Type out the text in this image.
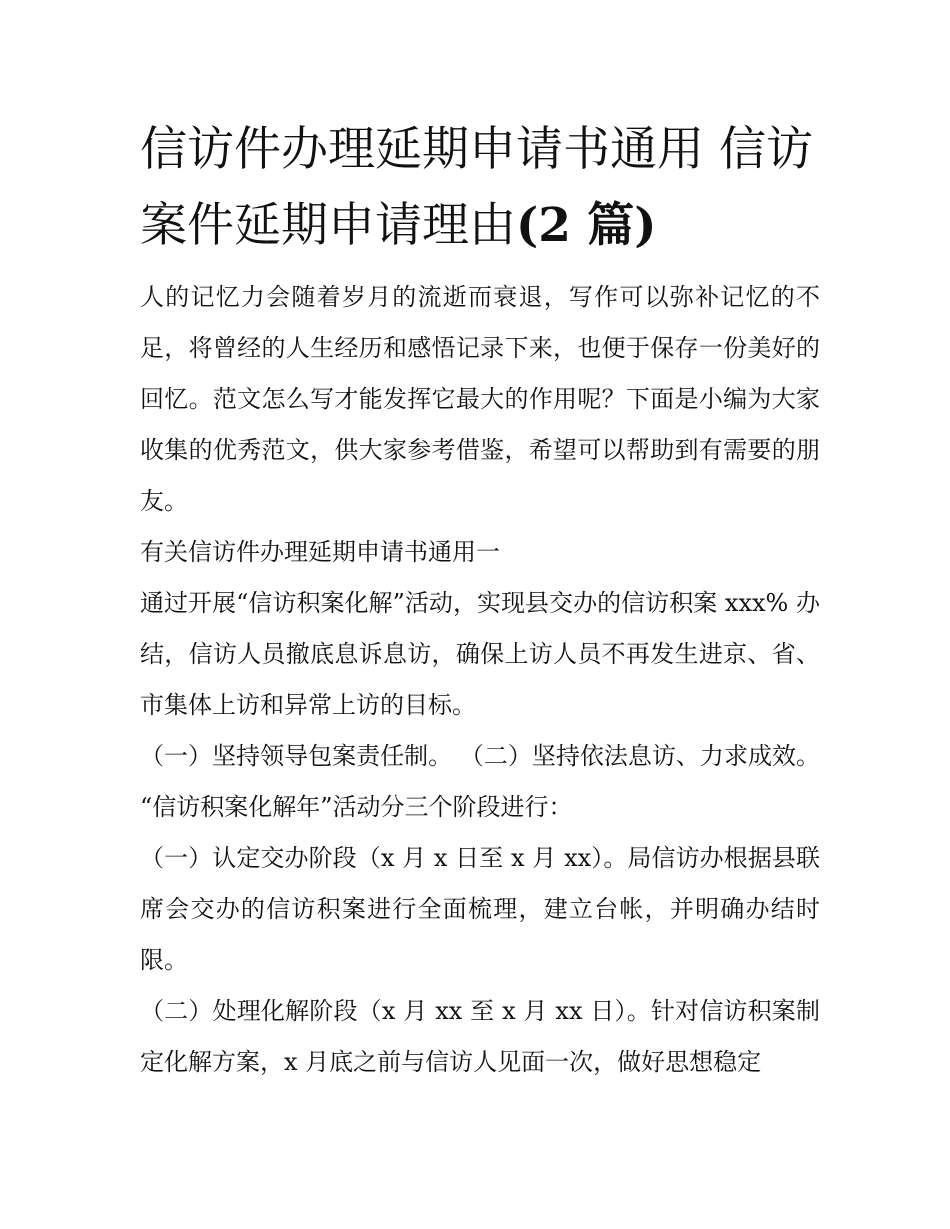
信访件办理延期申请书通用 信访案件延期申请理由(2 篇)

人的记忆力会随着岁月的流逝而衰退，写作可以弥补记忆的不足，将曾经的人生经历和感悟记录下来，也便于保存一份美好的回忆。范文怎么写才能发挥它最大的作用呢？下面是小编为大家收集的优秀范文，供大家参考借鉴，希望可以帮助到有需要的朋友。

有关信访件办理延期申请书通用一

通过开展“信访积案化解”活动，实现县交办的信访积案 xxx% 办结，信访人员撤底息诉息访，确保上访人员不再发生进京、省、市集体上访和异常上访的目标。

（一）坚持领导包案责任制。 （二）坚持依法息访、力求成效。 “信访积案化解年”活动分三个阶段进行：

（一）认定交办阶段（x 月 x 日至 x 月 xx）。局信访办根据县联席会交办的信访积案进行全面梳理，建立台帐，并明确办结时限。

（二）处理化解阶段（x 月 xx 至 x 月 xx 日）。针对信访积案制定化解方案，x 月底之前与信访人见面一次，做好思想稳定
